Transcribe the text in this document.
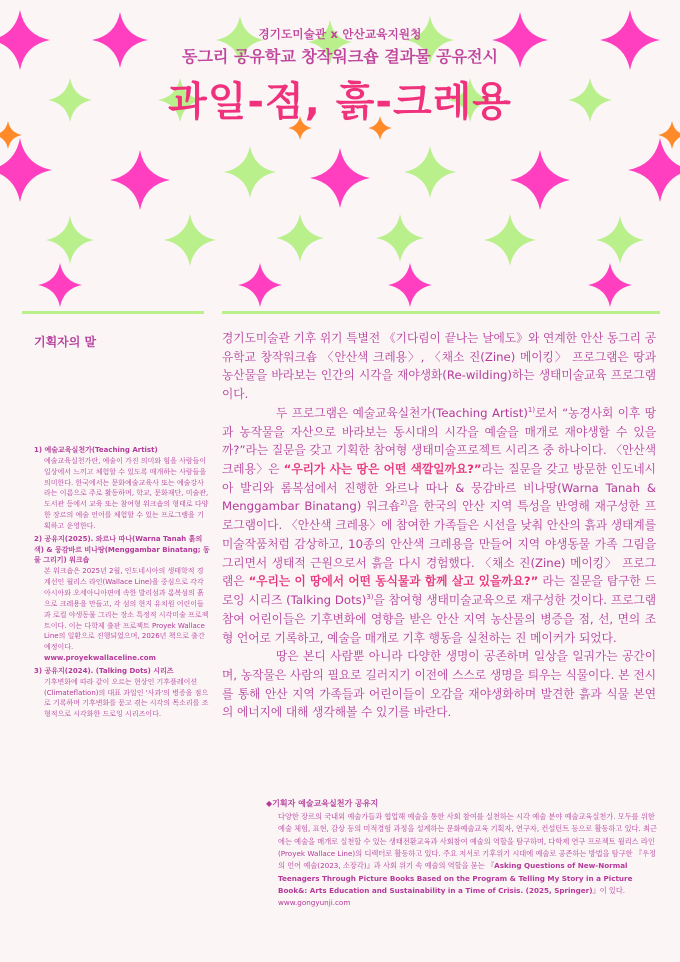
경기도미술관 x 안산교육지원청
동그리 공유학교 창작워크숍 결과물 공유전시
과일-점, 흙-크레용
기획자의 말
1) 예술교육실천가(Teaching Artist)
예술교육실천가란, 예술이 가진 의미와 힘을 사람들이 일상에서 느끼고 체험할 수 있도록 매개하는 사람들을 의미한다. 한국에서는 문화예술교육사 또는 예술강사라는 이름으로 주로 활동하며, 학교, 문화재단, 미술관, 도서관 등에서 교육 또는 참여형 워크숍의 형태로 다양한 장르의 예술 언어를 체험할 수 있는 프로그램을 기획하고 운영한다.
2) 공유지(2025). 와르나 따나(Warna Tanah 흙의 색) & 뭉감바르 비나땅(Menggambar Binatang; 동물 그리기) 워크숍
본 워크숍은 2025년 2월, 인도네시아의 생태학적 경계선인 월리스 라인(Wallace Line)을 중심으로 각각 아시아와 오세아니아편에 속한 발리섬과 롬복섬의 흙으로 크레용을 만들고, 각 섬의 현지 유치원 어린이들과 로컬 야생동물 그리는 장소 특정적 시각미술 프로젝트이다. 이는 다학제 출판 프로젝트 Proyek Wallace Line의 일환으로 진행되었으며, 2026년 책으로 출간 예정이다.
www.proyekwallaceline.com
3) 공유지(2024). (Talking Dots) 시리즈
기후변화에 따라 같이 오르는 현상인 기후플레이션(Climateflation)의 대표 과일인 '사과'의 병증을 점으로 기록하며 기후변화를 묻고 겪는 시각의 목소리를 조형적으로 시각화한 드로잉 시리즈이다.

경기도미술관 기후 위기 특별전 《기다림이 끝나는 날에도》와 연계한 안산 동그리 공유학교 창작워크숍 〈안산색 크레용〉, 〈채소 진(Zine) 메이킹〉 프로그램은 땅과 농산물을 바라보는 인간의 시각을 재야생화(Re-wilding)하는 생태미술교육 프로그램이다.

두 프로그램은 예술교육실천가(Teaching Artist)$^{1)}$로서 “농경사회 이후 땅과 농작물을 자산으로 바라보는 동시대의 시각을 예술을 매개로 재야생할 수 있을까?”라는 질문을 갖고 기획한 참여형 생태미술프로젝트 시리즈 중 하나이다. 〈안산색 크레용〉은 “우리가 사는 땅은 어떤 색깔일까요?”라는 질문을 갖고 방문한 인도네시아 발리와 롬복섬에서 진행한 와르나 따나 & 뭉감바르 비나땅(Warna Tanah & Menggambar Binatang) 워크숍$^{2)}$을 한국의 안산 지역 특성을 반영해 재구성한 프로그램이다. 〈안산색 크레용〉에 참여한 가족들은 시선을 낮춰 안산의 흙과 생태계를 미술작품처럼 감상하고, 10종의 안산색 크레용을 만들어 지역 야생동물 가족 그림을 그리면서 생태적 근원으로서 흙을 다시 경험했다. 〈채소 진(Zine) 메이킹〉 프로그램은 “우리는 이 땅에서 어떤 동식물과 함께 살고 있을까요?” 라는 질문을 탐구한 드로잉 시리즈 (Talking Dots)$^{3)}$을 참여형 생태미술교육으로 재구성한 것이다. 프로그램 참여 어린이들은 기후변화에 영향을 받은 안산 지역 농산물의 병증을 점, 선, 면의 조형 언어로 기록하고, 예술을 매개로 기후 행동을 실천하는 진 메이커가 되었다.

땅은 본디 사람뿐 아니라 다양한 생명이 공존하며 일상을 일궈가는 공간이며, 농작물은 사람의 필요로 길러지기 이전에 스스로 생명을 틔우는 식물이다. 본 전시를 통해 안산 지역 가족들과 어린이들이 오감을 재야생화하며 발견한 흙과 식물 본연의 에너지에 대해 생각해볼 수 있기를 바란다.

◆기획자 예술교육실천가 공유지
다양한 장르의 국내외 예술가들과 협업해 예술을 통한 사회 참여를 실천하는 시각 예술 분야 예술교육실천가. 모두를 위한 예술 체험, 표현, 감상 등의 미적경험 과정을 설계하는 문화예술교육 기획자, 연구자, 컨설턴트 등으로 활동하고 있다. 최근에는 예술을 매개로 실천할 수 있는 생태전환교육과 사회참여 예술의 역할을 탐구하며, 다학제 연구 프로젝트 월리스 라인(Proyek Wallace Line)의 디렉터로 활동하고 있다. 주요 저서로 기후위기 시대에 예술로 공존하는 방법을 탐구한 『우정의 언어 예술(2023, 소장각)』과 사회 위기 속 예술의 역할을 묻는 『Asking Questions of New-Normal Teenagers Through Picture Books Based on the Program & Telling My Story in a Picture Book&: Arts Education and Sustainability in a Time of Crisis. (2025, Springer)』이 있다. www.gongyunji.com
